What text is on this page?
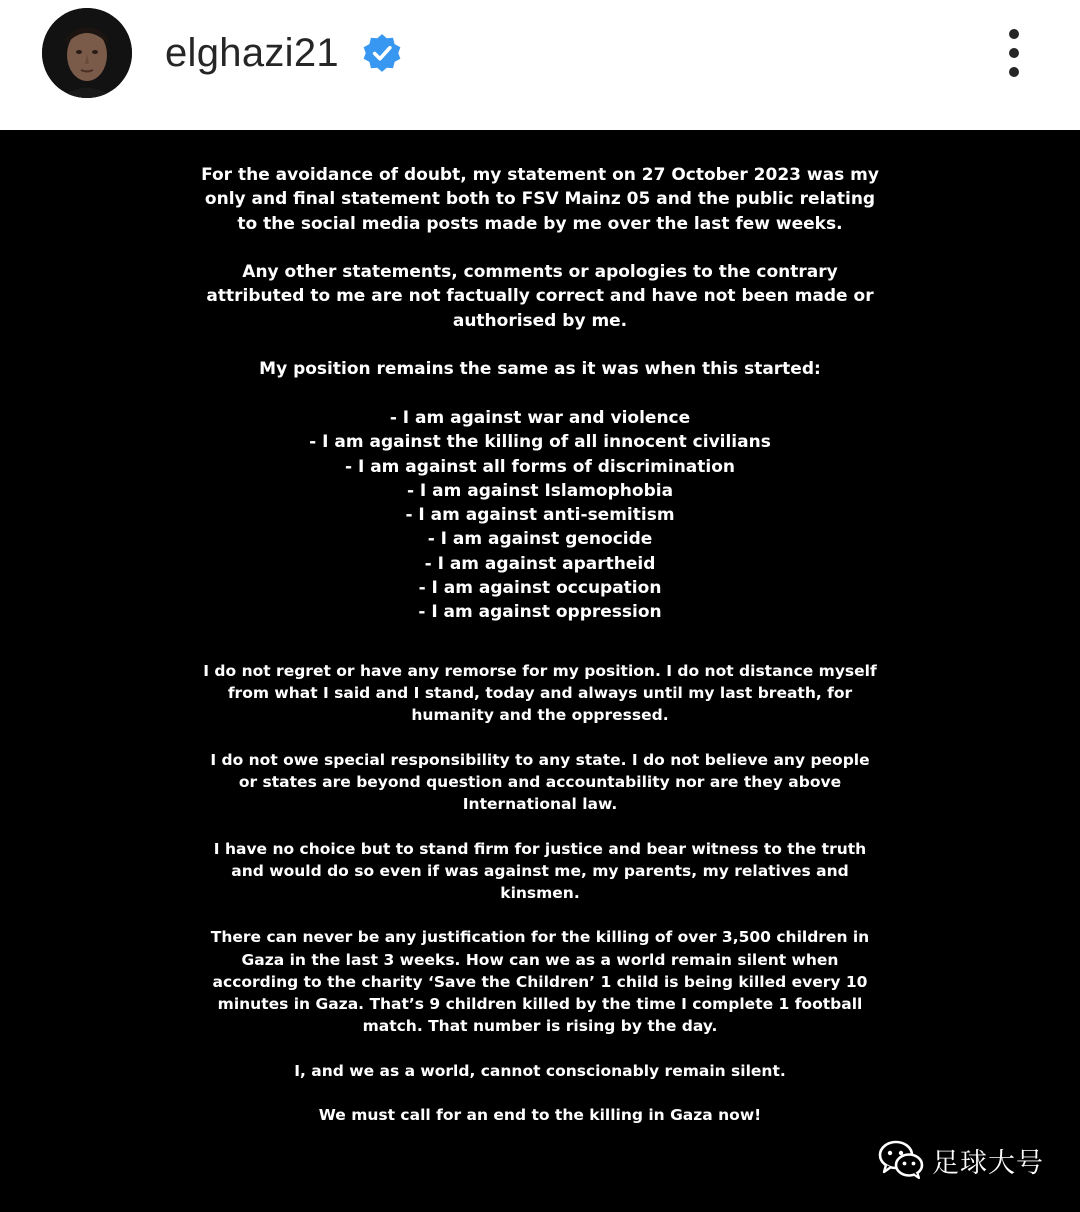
elghazi21

For the avoidance of doubt, my statement on 27 October 2023 was my only and final statement both to FSV Mainz 05 and the public relating to the social media posts made by me over the last few weeks.

Any other statements, comments or apologies to the contrary attributed to me are not factually correct and have not been made or authorised by me.

My position remains the same as it was when this started:

- I am against war and violence
- I am against the killing of all innocent civilians
- I am against all forms of discrimination
- I am against Islamophobia
- I am against anti-semitism
- I am against genocide
- I am against apartheid
- I am against occupation
- I am against oppression

I do not regret or have any remorse for my position. I do not distance myself from what I said and I stand, today and always until my last breath, for humanity and the oppressed.

I do not owe special responsibility to any state. I do not believe any people or states are beyond question and accountability nor are they above International law.

I have no choice but to stand firm for justice and bear witness to the truth and would do so even if was against me, my parents, my relatives and kinsmen.

There can never be any justification for the killing of over 3,500 children in Gaza in the last 3 weeks. How can we as a world remain silent when according to the charity ‘Save the Children’ 1 child is being killed every 10 minutes in Gaza. That’s 9 children killed by the time I complete 1 football match. That number is rising by the day.

I, and we as a world, cannot conscionably remain silent.

We must call for an end to the killing in Gaza now!

足球大号
